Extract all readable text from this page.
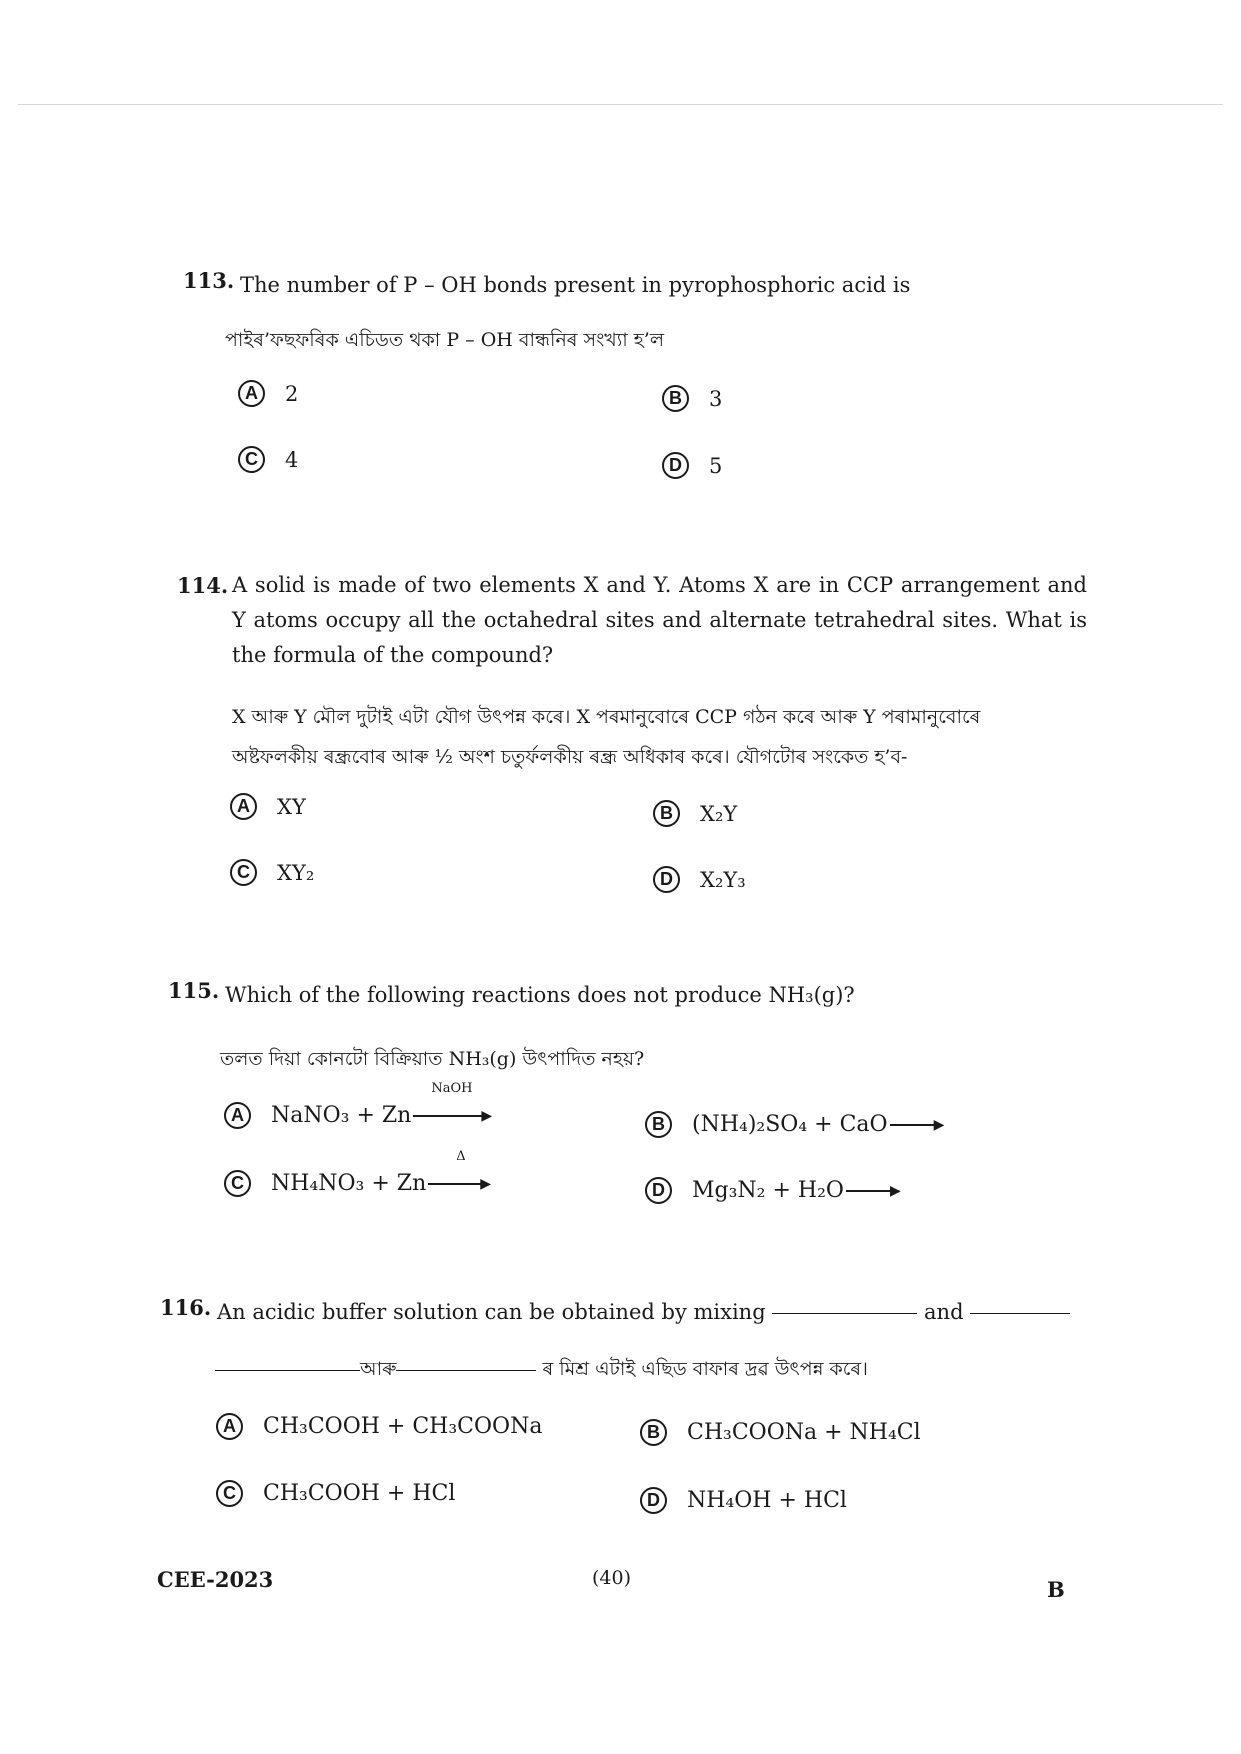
113. The number of P – OH bonds present in pyrophosphoric acid is
পাইৰ’ফছফৰিক এচিডত থকা P – OH বান্ধনিৰ সংখ্যা হ’ল
A	2	B	3
C	4	D	5
114. A solid is made of two elements X and Y. Atoms X are in CCP arrangement and Y atoms occupy all the octahedral sites and alternate tetrahedral sites. What is the formula of the compound?
X আৰু Y মৌল দুটাই এটা যৌগ উৎপন্ন কৰে। X পৰমানুবোৰে CCP গঠন কৰে আৰু Y পৰামানুবোৰে
অষ্টফলকীয় ৰন্ধ্ৰবোৰ আৰু ½ অংশ চতুৰ্ফলকীয় ৰন্ধ্ৰ অধিকাৰ কৰে। যৌগটোৰ সংকেত হ’ব-
A	XY	B	X₂Y
C	XY₂	D	X₂Y₃
115. Which of the following reactions does not produce NH₃(g)?
তলত দিয়া কোনটো বিক্ৰিয়াত NH₃(g) উৎপাদিত নহয়?
A	NaNO₃ + Zn
NaOH
▶	B	(NH₄)₂SO₄ + CaO	▶
C	NH₄NO₃ + Zn
Δ
▶	D	Mg₃N₂ + H₂O	▶
116. An acidic buffer solution can be obtained by mixing	and
আৰু	ৰ মিশ্ৰ এটাই এছিড বাফাৰ দ্ৰৱ উৎপন্ন কৰে।
A	CH₃COOH + CH₃COONa	B	CH₃COONa + NH₄Cl
C	CH₃COOH + HCl	D	NH₄OH + HCl
CEE-2023	(40)	B
